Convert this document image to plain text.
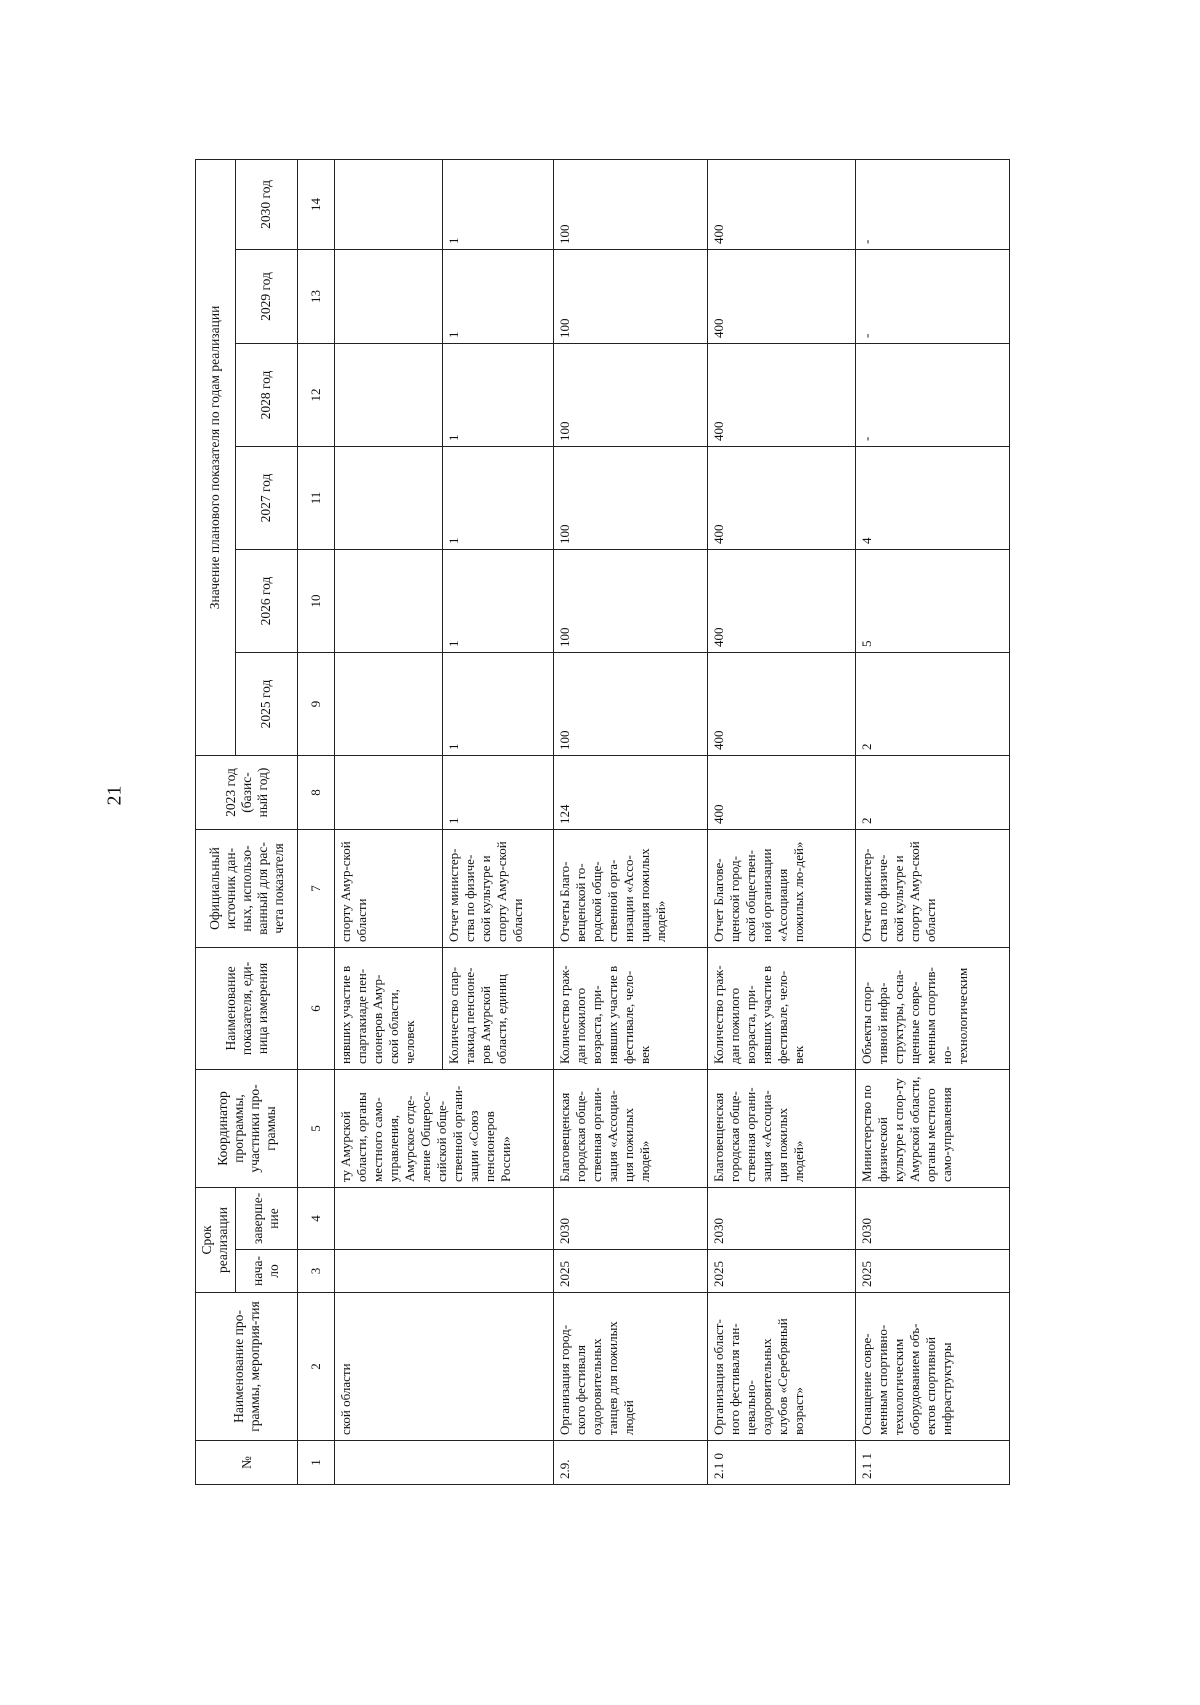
21
№	Наименование про-граммы, мероприя-тия	Срок реализации		Координатор программы, участники про-граммы	Наименование показателя, еди-ница измерения	Официальный источник дан-ных, использо-ванный для рас-чета показателя	2023 год (базис-ный год)	Значение планового показателя по годам реализации					
		нача-ло	заверше-ние					2025 год	2026 год	2027 год	2028 год	2029 год	2030 год
1	2	3	4	5	6	7	8	9	10	11	12	13	14
	ской области			ту Амурской области, органы местного само-управления, Амурское отде-ление Общерос-сийской обще-ственной органи-зации «Союз пенсионеров России»	нявших участие в спартакиаде пен-сионеров Амур-ской области, человек	спорту Амур-ской области							
					Количество спар-такиад пенсионе-ров Амурской области, единиц	Отчет министер-ства по физиче-ской культуре и спорту Амур-ской области	1	1	1	1	1	1	1
2.9.	Организация город-ского фестиваля оздоровительных танцев для пожилых людей	2025	2030	Благовещенская городская обще-ственная органи-зация «Ассоциа-ция пожилых людей»	Количество граж-дан пожилого возраста, при-нявших участие в фестивале, чело-век	Отчеты Благо-вещенской го-родской обще-ственной орга-низации «Ассо-циация пожилых людей»	124	100	100	100	100	100	100
2.1 0	Организация област-ного фестиваля тан-цевально-оздоровительных клубов «Серебряный возраст»	2025	2030	Благовещенская городская обще-ственная органи-зация «Ассоциа-ция пожилых людей»	Количество граж-дан пожилого возраста, при-нявших участие в фестивале, чело-век	Отчет Благове-щенской город-ской обществен-ной организации «Ассоциация пожилых лю-дей»	400	400	400	400	400	400	400
2.1 1	Оснащение совре-менным спортивно-технологическим оборудованием объ-ектов спортивной инфраструктуры	2025	2030	Министерство по физической культуре и спор-ту Амурской области, органы местного само-управления	Объекты спор-тивной инфра-структуры, осна-щенные совре-менным спортив-но-технологическим	Отчет министер-ства по физиче-ской культуре и спорту Амур-ской области	2	2	5	4	-	-	-
